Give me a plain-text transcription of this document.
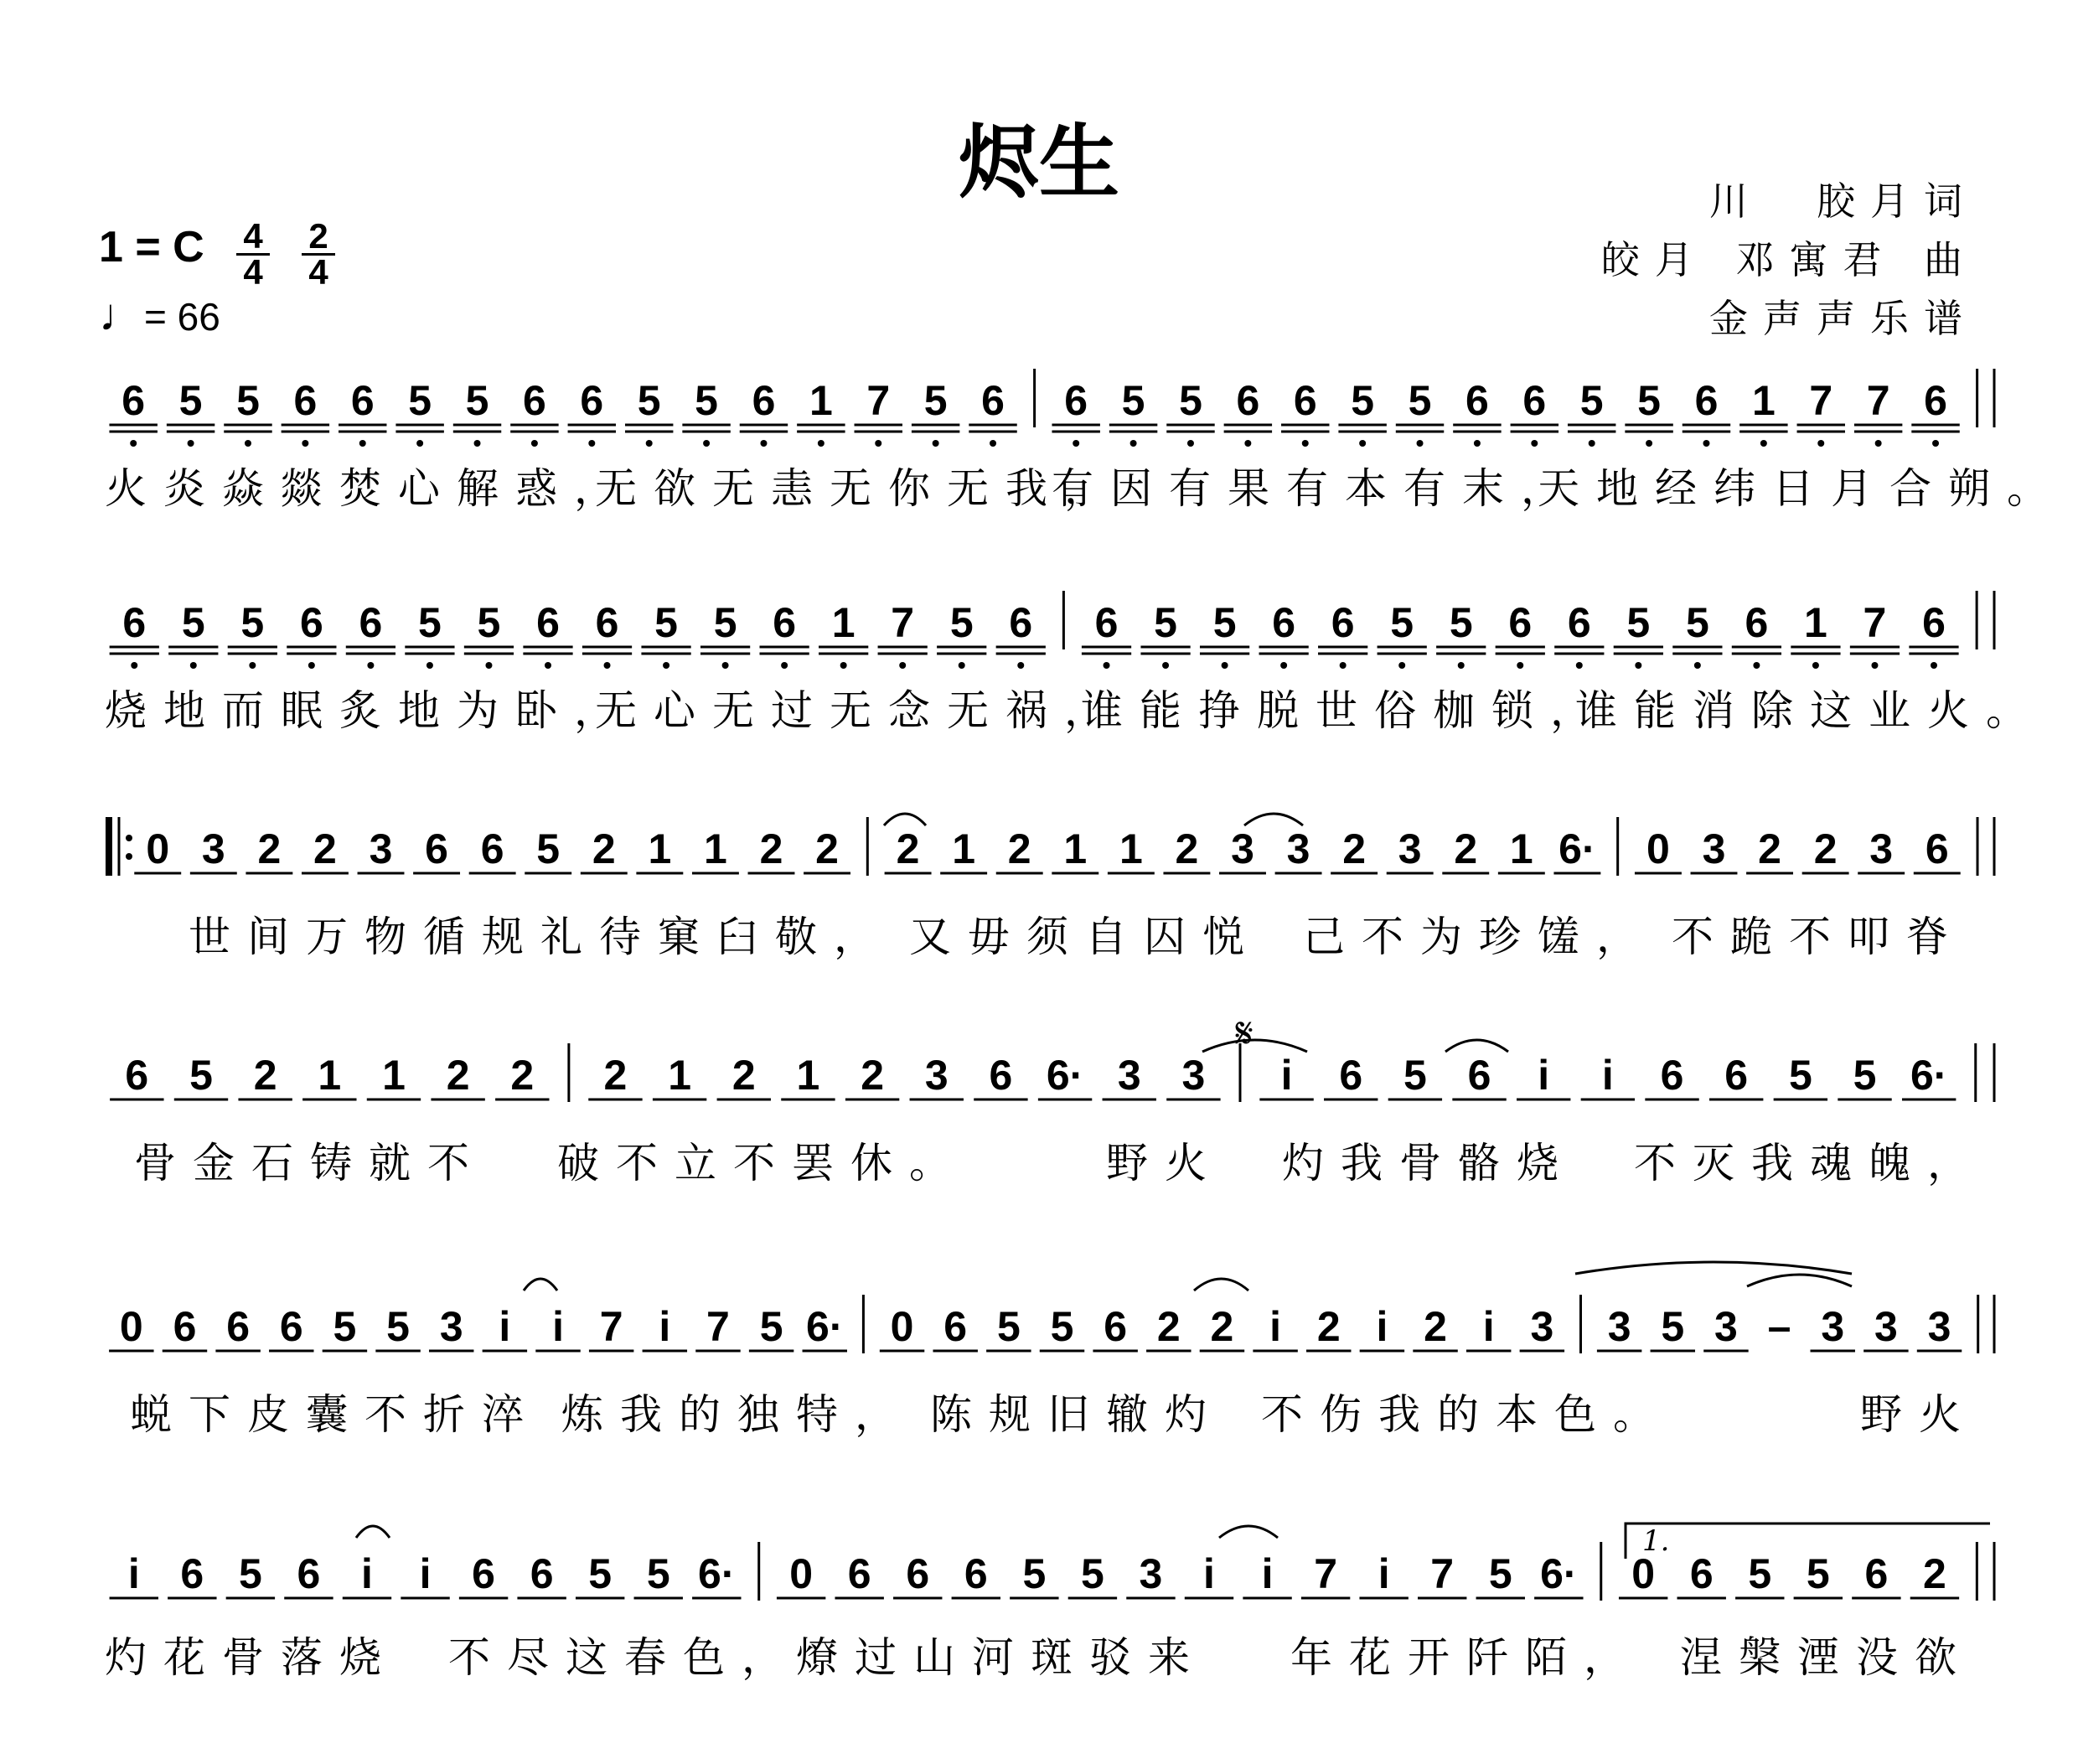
烬生	川　胶月词
皎月 邓寓君 曲
金声声乐谱
1 = C 4
4
2
4
♩= 66
6 5 5 6 6 5 5 6 6 5 5 6 1 7 5 6 6 5 5 6 6 5 5 6 6 5 5 6 1 7 7 6
火炎焱燚焚心解惑，
无欲无恚无你无我，
有因有果有本有末，
天地经纬日月合朔。
6 5 5 6 6 5 5 6 6 5 5 6 1 7 5 6 6 5 5 6 6 5 5 6 6 5 5 6 1 7 6
烧地而眠炙地为卧，
无心无过无念无祸，
谁能挣脱世俗枷锁，
谁能消除这业火。
0 3 2 2 3 6 6 5 2 1 1 2 2 2 1 2 1 1 2 3 3 2 3 2 1 6· 0 3 2 2 3 6
世间万物循 规礼待窠臼敬， 又毋须自囚悦 己不为珍馐， 不跪不叩脊
6 5 2 1 1 2 2 2 1 2 1 2 3 6 6· 3 3 i 6 5 6 i i 6 6 5 5 6·
骨金石铸就不 破不立不罢休。	野火 灼我骨骼烧 不灭我魂魄，
𝄋
0 6 6 6 5 5 3 i i 7 i 7 5 6· 0 6 5 5 6 2 2 i 2 i 2 i 3 3 5 3 – 3 3 3
蜕下皮囊不折淬 炼我的独特， 陈规旧辙灼 不伤我的本色。	野火
i 6 5 6 i i 6 6 5 5 6· 0 6 6 6 5 5 3 i i 7 i 7 5 6· 0 6 5 5 6 2
灼花骨落烧 不尽这春色，
燎过山河斑驳来 年花开阡陌， 涅槃湮没欲
1.
